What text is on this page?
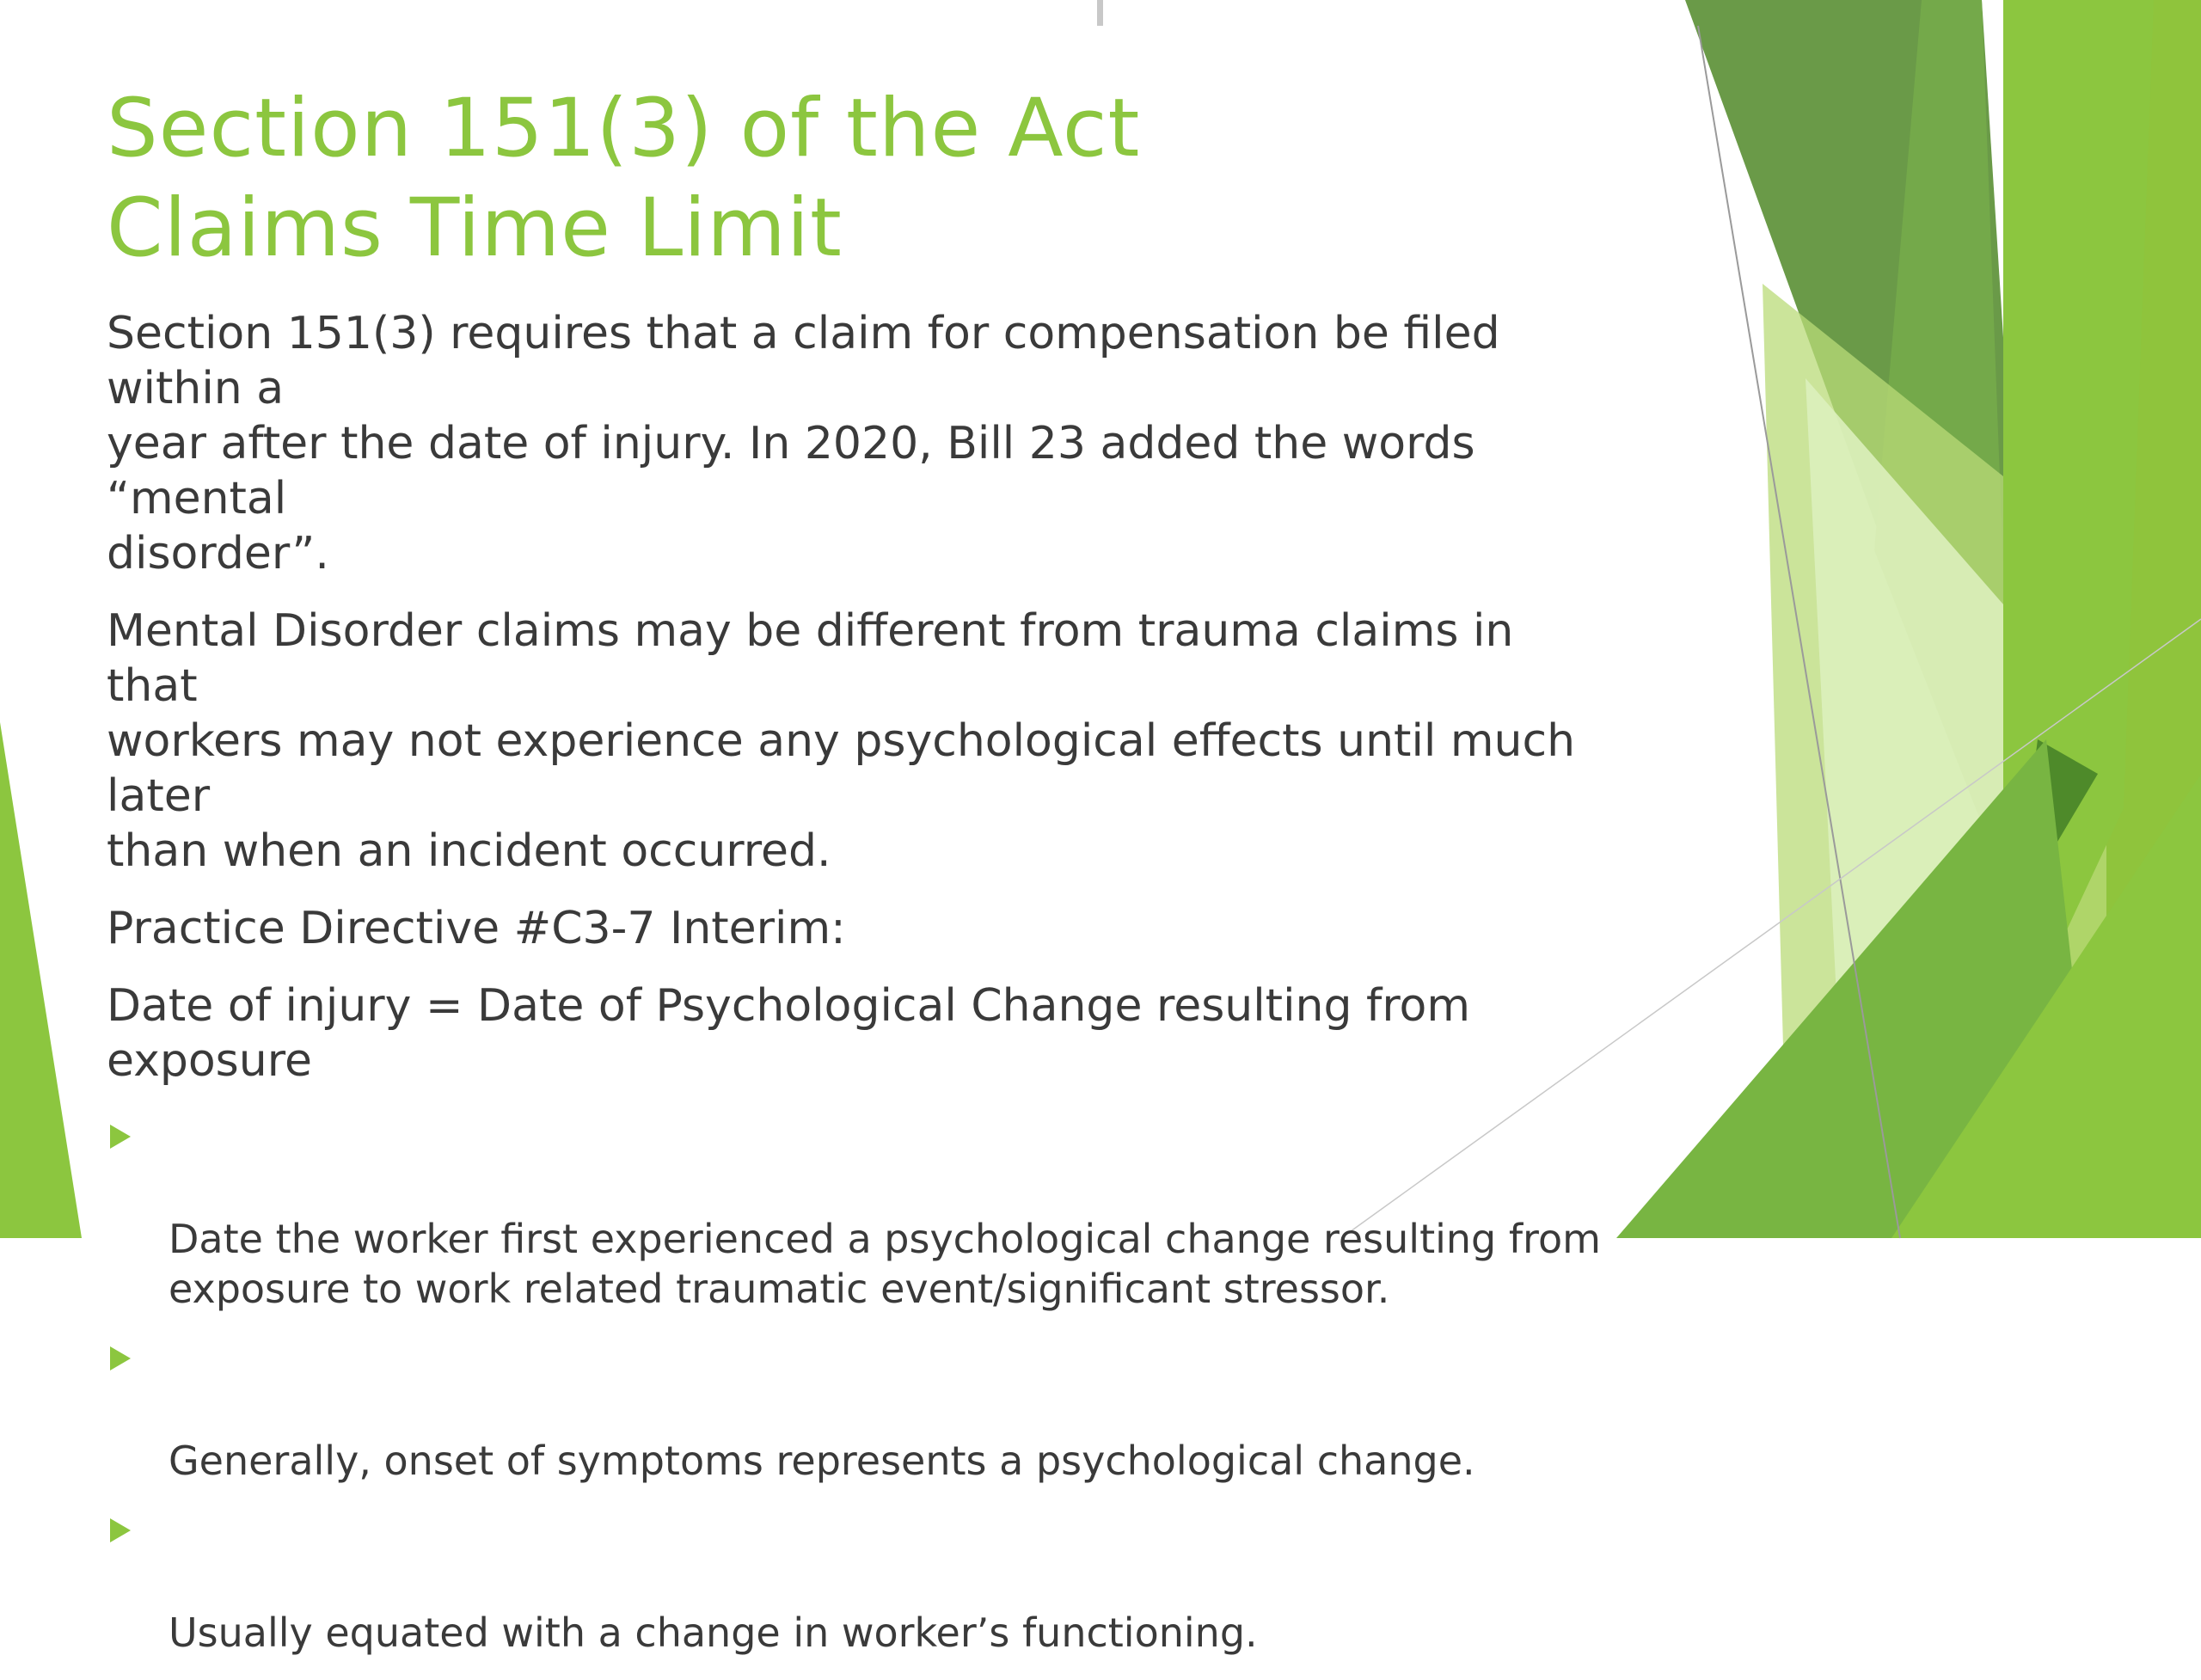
Section 151(3) of the Act
Claims Time Limit

Section 151(3) requires that a claim for compensation be filed within a
year after the date of injury. In 2020, Bill 23 added the words “mental
disorder”.

Mental Disorder claims may be different from trauma claims in that
workers may not experience any psychological effects until much later
than when an incident occurred.

Practice Directive #C3-7 Interim:

Date of injury = Date of Psychological Change resulting from exposure

Date the worker first experienced a psychological change resulting from
exposure to work related traumatic event/significant stressor.

Generally, onset of symptoms represents a psychological change.

Usually equated with a change in worker’s functioning.
